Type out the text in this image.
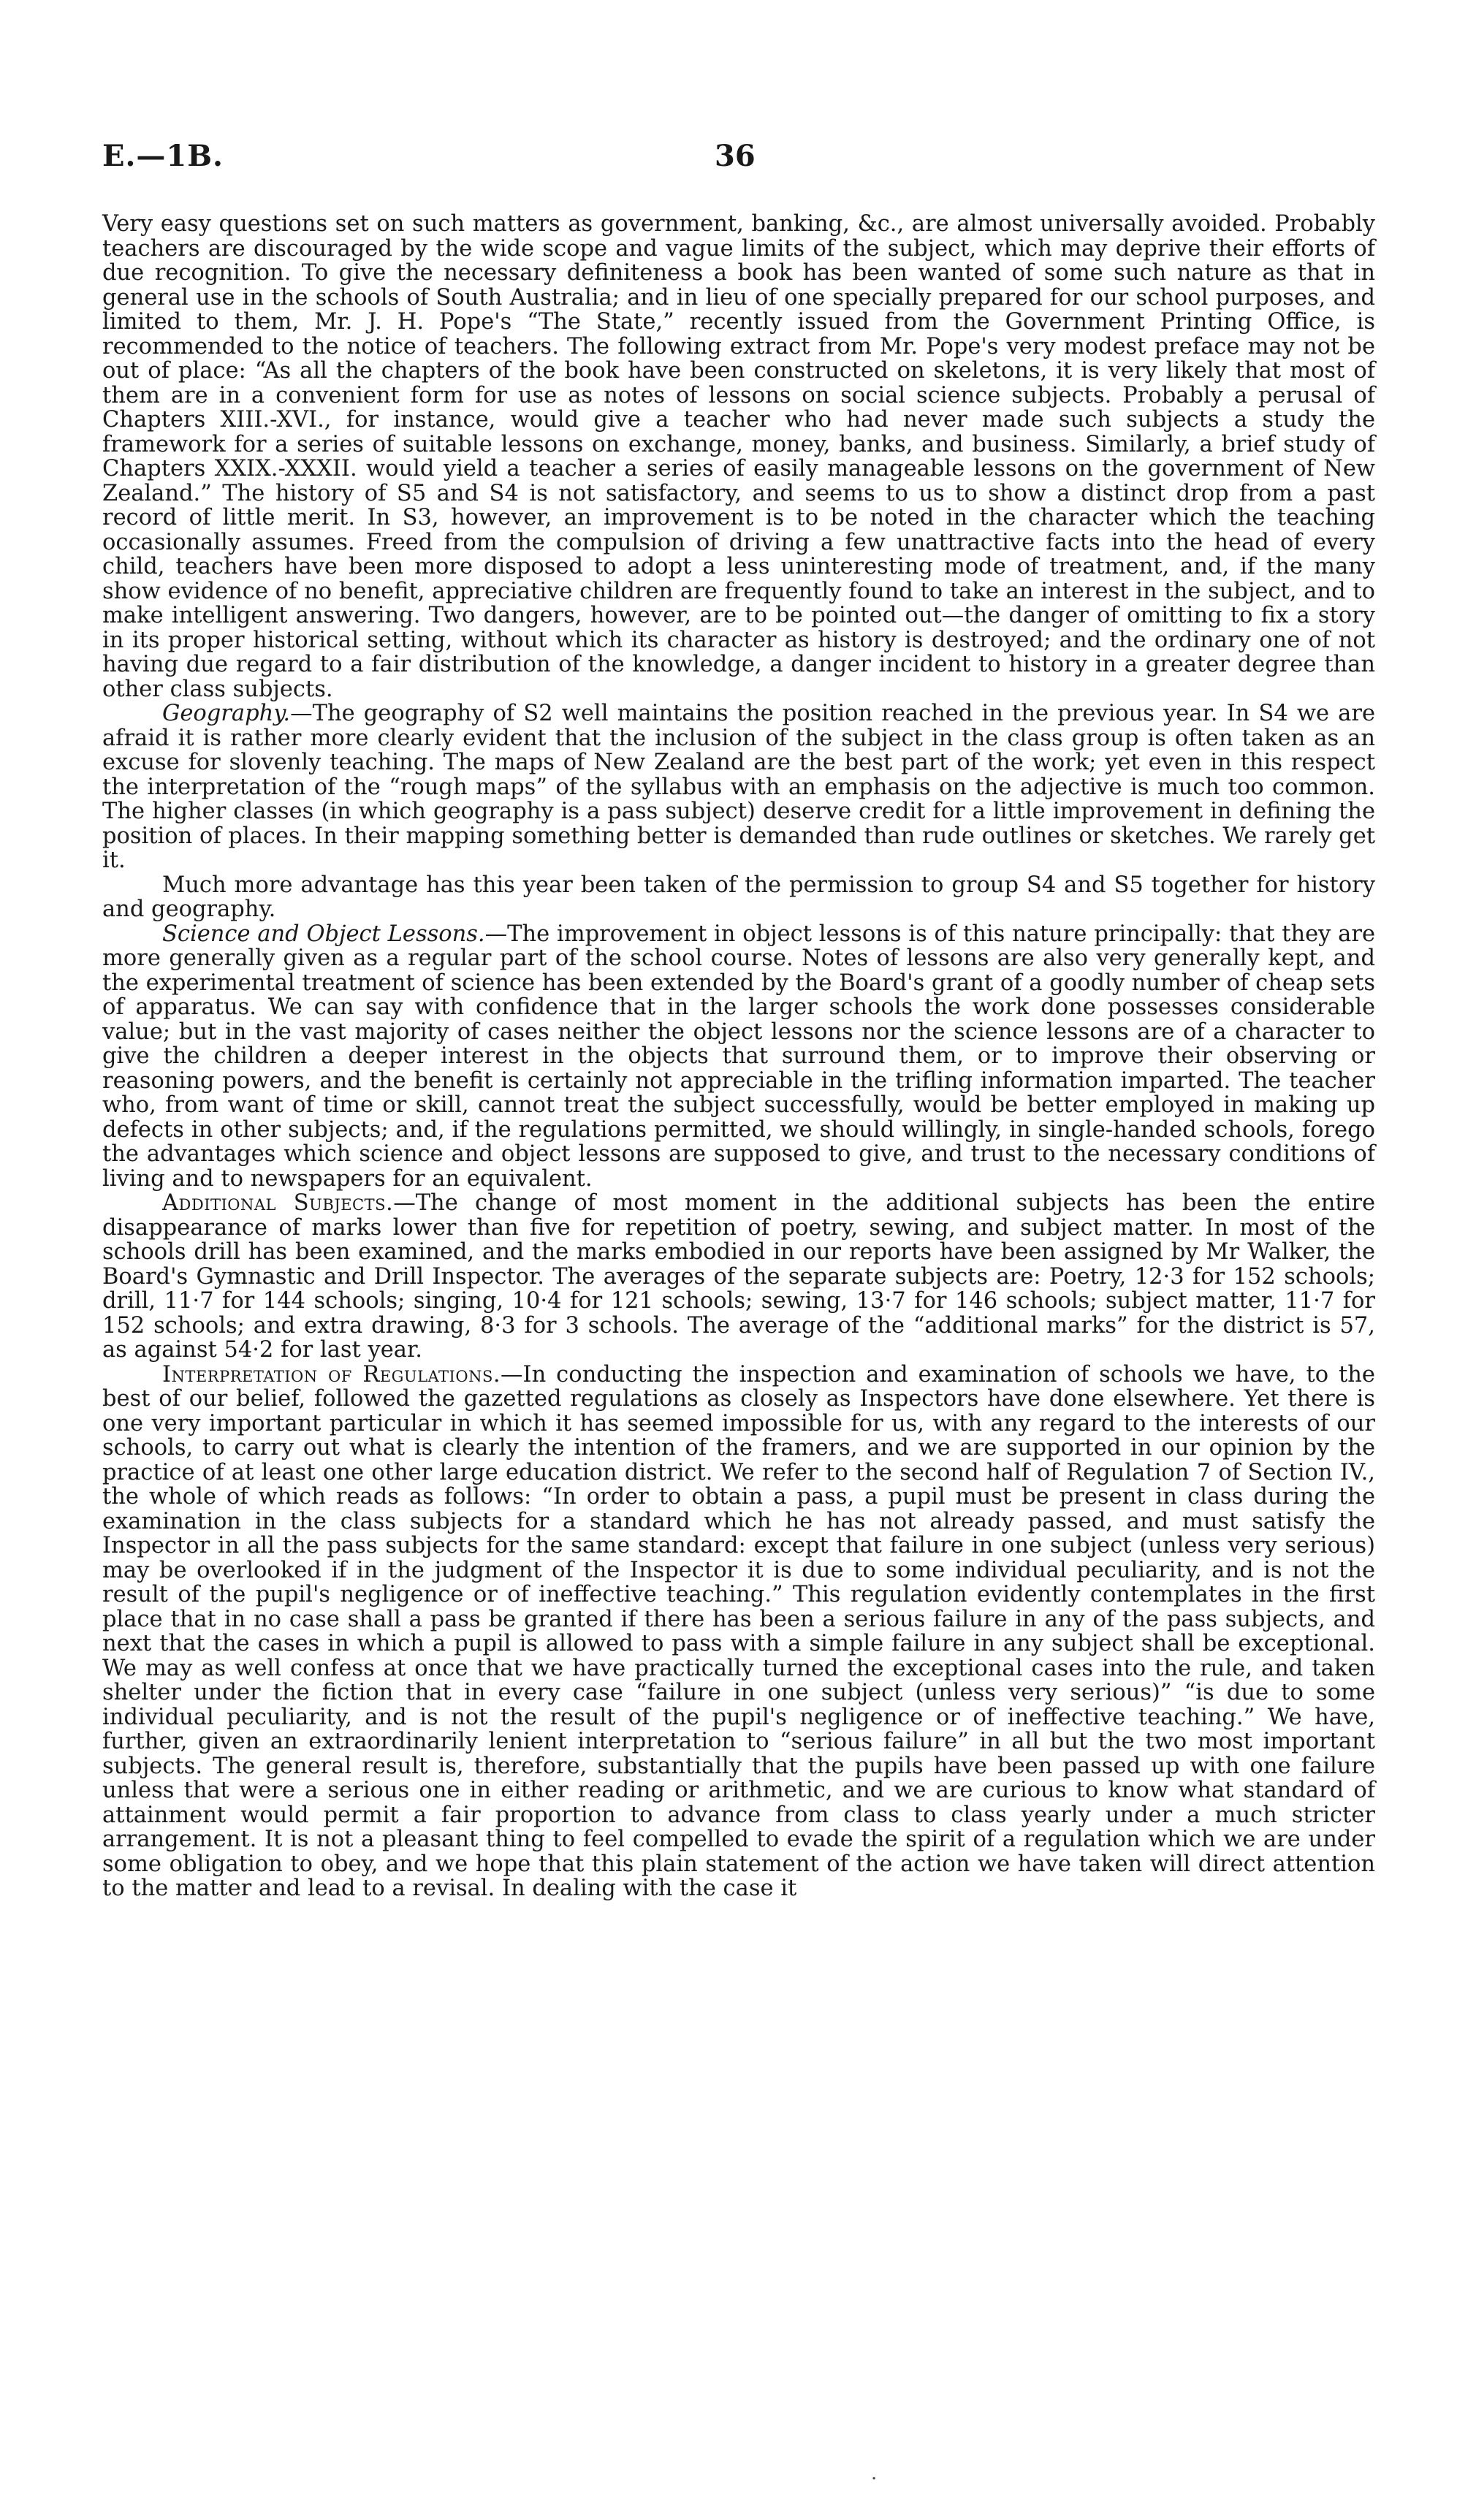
E.—1B.	36

Very easy questions set on such matters as government, banking, &c., are almost universally avoided. Probably teachers are discouraged by the wide scope and vague limits of the subject, which may deprive their efforts of due recognition. To give the necessary definiteness a book has been wanted of some such nature as that in general use in the schools of South Australia; and in lieu of one specially prepared for our school purposes, and limited to them, Mr. J. H. Pope's “The State,” recently issued from the Government Printing Office, is recommended to the notice of teachers. The following extract from Mr. Pope's very modest preface may not be out of place: “As all the chapters of the book have been constructed on skeletons, it is very likely that most of them are in a convenient form for use as notes of lessons on social science subjects. Probably a perusal of Chapters XIII.-XVI., for instance, would give a teacher who had never made such subjects a study the framework for a series of suitable lessons on exchange, money, banks, and business. Similarly, a brief study of Chapters XXIX.-XXXII. would yield a teacher a series of easily manageable lessons on the government of New Zealand.” The history of S5 and S4 is not satisfactory, and seems to us to show a distinct drop from a past record of little merit. In S3, however, an improvement is to be noted in the character which the teaching occasionally assumes. Freed from the compulsion of driving a few unattractive facts into the head of every child, teachers have been more disposed to adopt a less uninteresting mode of treatment, and, if the many show evidence of no benefit, appreciative children are frequently found to take an interest in the subject, and to make intelligent answering. Two dangers, however, are to be pointed out—the danger of omitting to fix a story in its proper historical setting, without which its character as history is destroyed; and the ordinary one of not having due regard to a fair distribution of the knowledge, a danger incident to history in a greater degree than other class subjects.

Geography.—The geography of S2 well maintains the position reached in the previous year. In S4 we are afraid it is rather more clearly evident that the inclusion of the subject in the class group is often taken as an excuse for slovenly teaching. The maps of New Zealand are the best part of the work; yet even in this respect the interpretation of the “rough maps” of the syllabus with an emphasis on the adjective is much too common. The higher classes (in which geography is a pass subject) deserve credit for a little improvement in defining the position of places. In their mapping something better is demanded than rude outlines or sketches. We rarely get it.

Much more advantage has this year been taken of the permission to group S4 and S5 together for history and geography.

Science and Object Lessons.—The improvement in object lessons is of this nature principally: that they are more generally given as a regular part of the school course. Notes of lessons are also very generally kept, and the experimental treatment of science has been extended by the Board's grant of a goodly number of cheap sets of apparatus. We can say with confidence that in the larger schools the work done possesses considerable value; but in the vast majority of cases neither the object lessons nor the science lessons are of a character to give the children a deeper interest in the objects that surround them, or to improve their observing or reasoning powers, and the benefit is certainly not appreciable in the trifling information imparted. The teacher who, from want of time or skill, cannot treat the subject successfully, would be better employed in making up defects in other subjects; and, if the regulations permitted, we should willingly, in single-handed schools, forego the advantages which science and object lessons are supposed to give, and trust to the necessary conditions of living and to newspapers for an equivalent.

Additional Subjects.—The change of most moment in the additional subjects has been the entire disappearance of marks lower than five for repetition of poetry, sewing, and subject matter. In most of the schools drill has been examined, and the marks embodied in our reports have been assigned by Mr Walker, the Board's Gymnastic and Drill Inspector. The averages of the separate subjects are: Poetry, 12·3 for 152 schools; drill, 11·7 for 144 schools; singing, 10·4 for 121 schools; sewing, 13·7 for 146 schools; subject matter, 11·7 for 152 schools; and extra drawing, 8·3 for 3 schools. The average of the “additional marks” for the district is 57, as against 54·2 for last year.

Interpretation of Regulations.—In conducting the inspection and examination of schools we have, to the best of our belief, followed the gazetted regulations as closely as Inspectors have done elsewhere. Yet there is one very important particular in which it has seemed impossible for us, with any regard to the interests of our schools, to carry out what is clearly the intention of the framers, and we are supported in our opinion by the practice of at least one other large education district. We refer to the second half of Regulation 7 of Section IV., the whole of which reads as follows: “In order to obtain a pass, a pupil must be present in class during the examination in the class subjects for a standard which he has not already passed, and must satisfy the Inspector in all the pass subjects for the same standard: except that failure in one subject (unless very serious) may be overlooked if in the judgment of the Inspector it is due to some individual peculiarity, and is not the result of the pupil's negligence or of ineffective teaching.” This regulation evidently contemplates in the first place that in no case shall a pass be granted if there has been a serious failure in any of the pass subjects, and next that the cases in which a pupil is allowed to pass with a simple failure in any subject shall be exceptional. We may as well confess at once that we have practically turned the exceptional cases into the rule, and taken shelter under the fiction that in every case “failure in one subject (unless very serious)” “is due to some individual peculiarity, and is not the result of the pupil's negligence or of ineffective teaching.” We have, further, given an extraordinarily lenient interpretation to “serious failure” in all but the two most important subjects. The general result is, therefore, substantially that the pupils have been passed up with one failure unless that were a serious one in either reading or arithmetic, and we are curious to know what standard of attainment would permit a fair proportion to advance from class to class yearly under a much stricter arrangement. It is not a pleasant thing to feel compelled to evade the spirit of a regulation which we are under some obligation to obey, and we hope that this plain statement of the action we have taken will direct attention to the matter and lead to a revisal. In dealing with the case it

·
